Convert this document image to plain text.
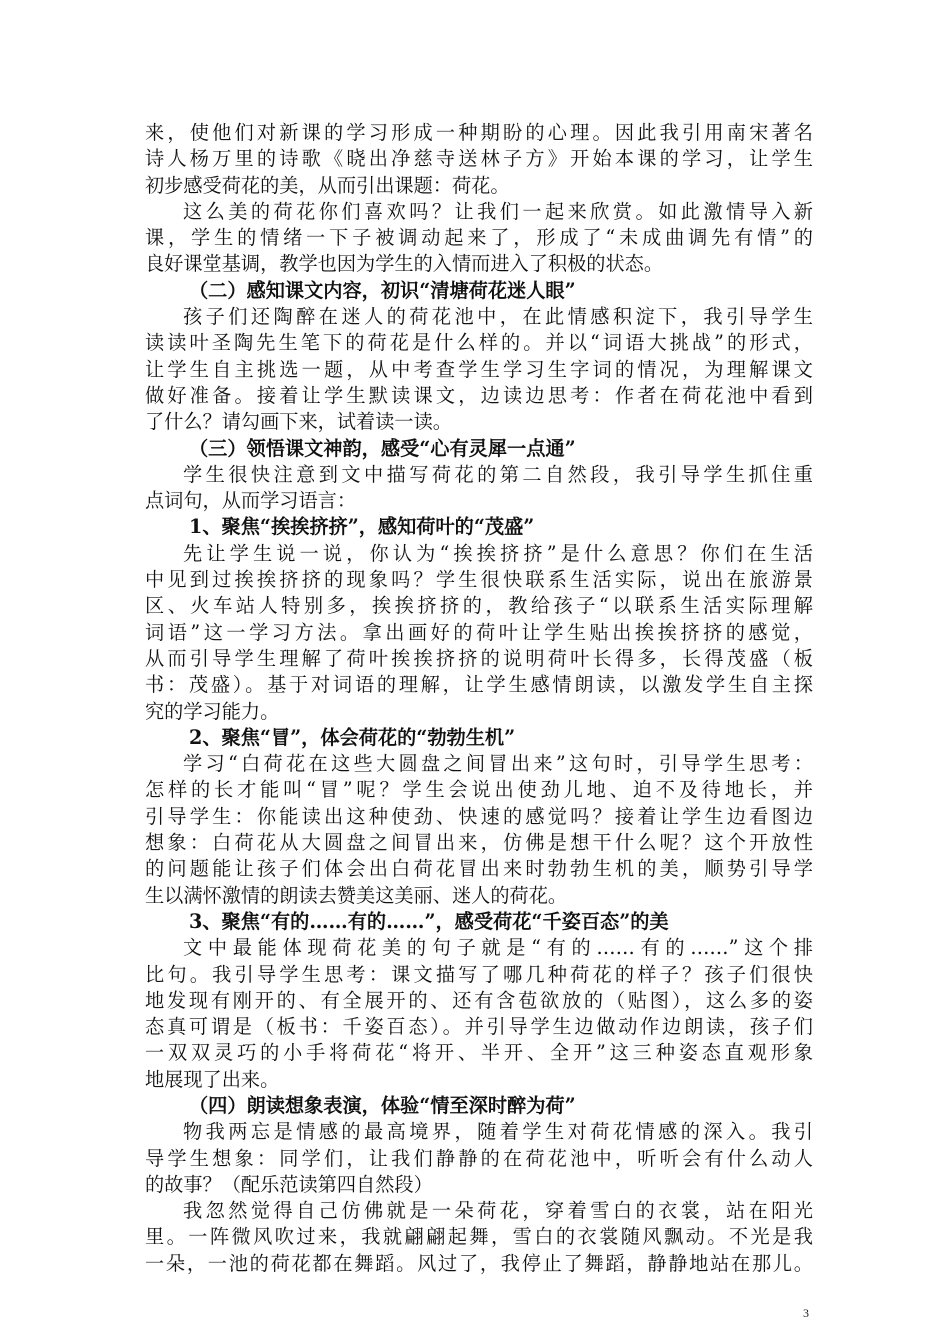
来，使他们对新课的学习形成一种期盼的心理。因此我引用南宋著名
诗人杨万里的诗歌《晓出净慈寺送林子方》开始本课的学习，让学生
初步感受荷花的美，从而引出课题：荷花。
这么美的荷花你们喜欢吗？让我们一起来欣赏。如此激情导入新
课，学生的情绪一下子被调动起来了，形成了“未成曲调先有情”的
良好课堂基调，教学也因为学生的入情而进入了积极的状态。
（二）感知课文内容，初识“清塘荷花迷人眼”
孩子们还陶醉在迷人的荷花池中，在此情感积淀下，我引导学生
读读叶圣陶先生笔下的荷花是什么样的。并以“词语大挑战”的形式，
让学生自主挑选一题，从中考查学生学习生字词的情况，为理解课文
做好准备。接着让学生默读课文，边读边思考：作者在荷花池中看到
了什么？请勾画下来，试着读一读。
（三）领悟课文神韵，感受“心有灵犀一点通”
学生很快注意到文中描写荷花的第二自然段，我引导学生抓住重
点词句，从而学习语言：
1、聚焦“挨挨挤挤”，感知荷叶的“茂盛”
先让学生说一说，你认为“挨挨挤挤”是什么意思？你们在生活
中见到过挨挨挤挤的现象吗？学生很快联系生活实际，说出在旅游景
区、火车站人特别多，挨挨挤挤的，教给孩子“以联系生活实际理解
词语”这一学习方法。拿出画好的荷叶让学生贴出挨挨挤挤的感觉，
从而引导学生理解了荷叶挨挨挤挤的说明荷叶长得多，长得茂盛（板
书：茂盛）。基于对词语的理解，让学生感情朗读，以激发学生自主探
究的学习能力。
2、聚焦“冒”，体会荷花的“勃勃生机”
学习“白荷花在这些大圆盘之间冒出来”这句时，引导学生思考：
怎样的长才能叫“冒”呢？学生会说出使劲儿地、迫不及待地长，并
引导学生：你能读出这种使劲、快速的感觉吗？接着让学生边看图边
想象：白荷花从大圆盘之间冒出来，仿佛是想干什么呢？这个开放性
的问题能让孩子们体会出白荷花冒出来时勃勃生机的美，顺势引导学
生以满怀激情的朗读去赞美这美丽、迷人的荷花。
3、聚焦“有的……有的……”，感受荷花“千姿百态”的美
文中最能体现荷花美的句子就是“有的……有的……”这个排
比句。我引导学生思考：课文描写了哪几种荷花的样子？孩子们很快
地发现有刚开的、有全展开的、还有含苞欲放的（贴图），这么多的姿
态真可谓是（板书：千姿百态）。并引导学生边做动作边朗读，孩子们
一双双灵巧的小手将荷花“将开、半开、全开”这三种姿态直观形象
地展现了出来。
（四）朗读想象表演，体验“情至深时醉为荷”
物我两忘是情感的最高境界，随着学生对荷花情感的深入。我引
导学生想象：同学们，让我们静静的在荷花池中，听听会有什么动人
的故事？（配乐范读第四自然段）
我忽然觉得自己仿佛就是一朵荷花，穿着雪白的衣裳，站在阳光
里。一阵微风吹过来，我就翩翩起舞，雪白的衣裳随风飘动。不光是我
一朵，一池的荷花都在舞蹈。风过了，我停止了舞蹈，静静地站在那儿。
3
